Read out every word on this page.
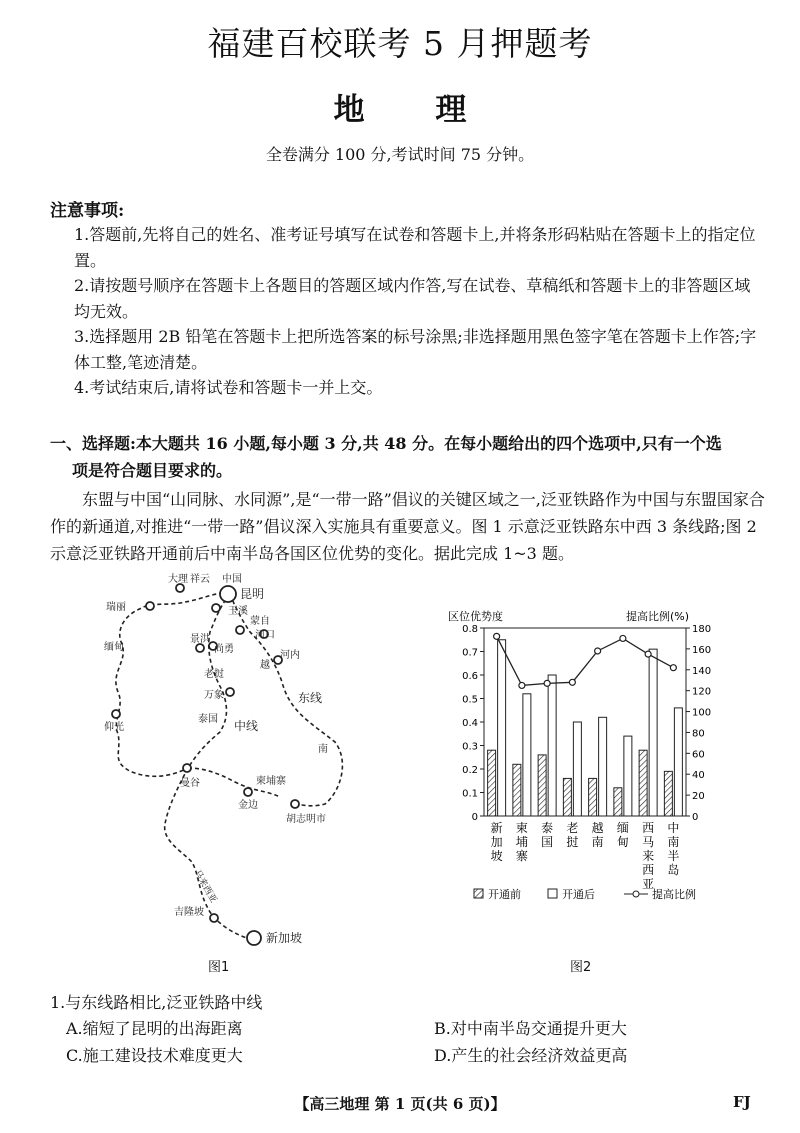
福建百校联考 5 月押题考
地 理
全卷满分 100 分,考试时间 75 分钟。
注意事项:
1.答题前,先将自己的姓名、准考证号填写在试卷和答题卡上,并将条形码粘贴在答题卡上的指定位置。
2.请按题号顺序在答题卡上各题目的答题区域内作答,写在试卷、草稿纸和答题卡上的非答题区域均无效。
3.选择题用 2B 铅笔在答题卡上把所选答案的标号涂黑;非选择题用黑色签字笔在答题卡上作答;字体工整,笔迹清楚。
4.考试结束后,请将试卷和答题卡一并上交。
一、选择题:本大题共 16 小题,每小题 3 分,共 48 分。在每小题给出的四个选项中,只有一个选
项是符合题目要求的。

东盟与中国“山同脉、水同源”,是“一带一路”倡议的关键区域之一,泛亚铁路作为中国与东盟国家合作的新通道,对推进“一带一路”倡议深入实施具有重要意义。图 1 示意泛亚铁路东中西 3 条线路;图 2 示意泛亚铁路开通前后中南半岛各国区位优势的变化。据此完成 1~3 题。

中国
昆明
大理 祥云
玉溪
蒙自
河口
瑞丽
景洪
尚勇
河内
缅甸
老挝
越
南
东线
万象
仰光
泰国 中线
曼谷	柬埔寨
金边
胡志明市
马来西亚
吉隆坡
新加坡
图1
区位优势度	提高比例(%)
0
0.1
0.2
0.3
0.4
0.5
0.6
0.7
0.8
0
20
40
60
80
100
120
140
160
180
新
加
坡
柬
埔
寨
泰
国
老
挝
越
南
缅
甸
西
马
来
西
亚
中
南
半
岛
开通前	开通后	提高比例
图2
1.与东线路相比,泛亚铁路中线
A.缩短了昆明的出海距离	B.对中南半岛交通提升更大
C.施工建设技术难度更大	D.产生的社会经济效益更高
【高三地理 第 1 页(共 6 页)】	FJ
